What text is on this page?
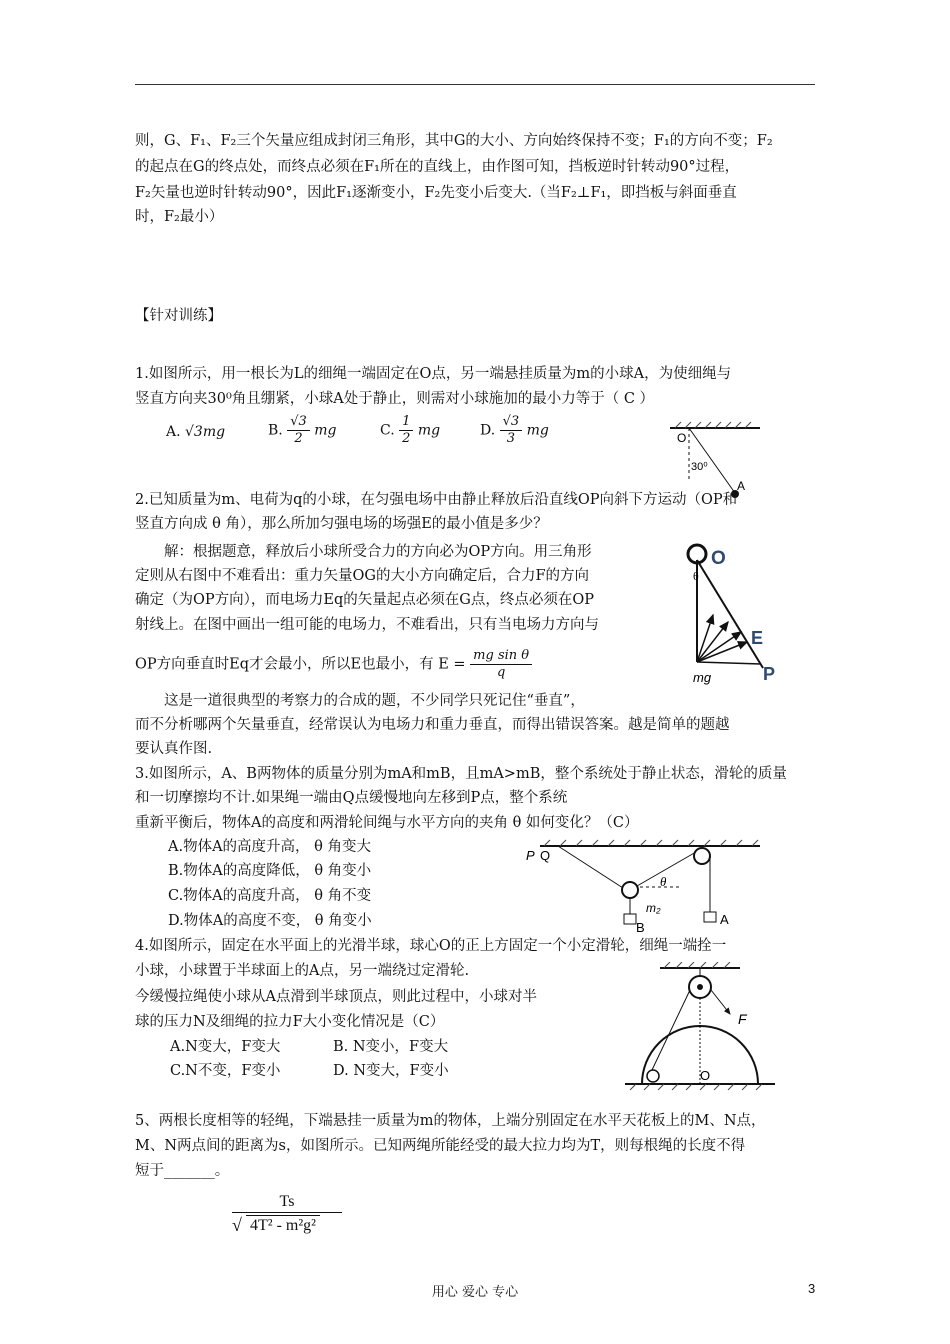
则，G、F₁、F₂三个矢量应组成封闭三角形，其中G的大小、方向始终保持不变；F₁的方向不变；F₂
的起点在G的终点处，而终点必须在F₁所在的直线上，由作图可知，挡板逆时针转动90°过程，
F₂矢量也逆时针转动90°，因此F₁逐渐变小，F₂先变小后变大.（当F₂⊥F₁，即挡板与斜面垂直
时，F₂最小）
【针对训练】
1.如图所示，用一根长为L的细绳一端固定在O点，另一端悬挂质量为m的小球A，为使细绳与
竖直方向夹30⁰角且绷紧，小球A处于静止，则需对小球施加的最小力等于（ C ）
A. √3mg	B. $\frac{√3}{2}$ mg	C. $\frac{1}{2}$ mg	D. $\frac{√3}{3}$ mg	O
30⁰
A
2.已知质量为m、电荷为q的小球，在匀强电场中由静止释放后沿直线OP向斜下方运动（OP和
竖直方向成 θ 角），那么所加匀强电场的场强E的最小值是多少？
解：根据题意，释放后小球所受合力的方向必为OP方向。用三角形
定则从右图中不难看出：重力矢量OG的大小方向确定后，合力F的方向
确定（为OP方向），而电场力Eq的矢量起点必须在G点，终点必须在OP
射线上。在图中画出一组可能的电场力，不难看出，只有当电场力方向与
OP方向垂直时Eq才会最小，所以E也最小，有 $E = \frac{\text{mg sin θ}}{q}$
这是一道很典型的考察力的合成的题，不少同学只死记住“垂直”，
而不分析哪两个矢量垂直，经常误认为电场力和重力垂直，而得出错误答案。越是简单的题越
要认真作图.
O
θ
E
P
mg
3.如图所示，A、B两物体的质量分别为mA和mB，且mA>mB，整个系统处于静止状态，滑轮的质量
和一切摩擦均不计.如果绳一端由Q点缓慢地向左移到P点，整个系统
重新平衡后，物体A的高度和两滑轮间绳与水平方向的夹角 θ 如何变化？（C）
A.物体A的高度升高， θ 角变大
B.物体A的高度降低， θ 角变小
C.物体A的高度升高， θ 角不变
D.物体A的高度不变， θ 角变小
P Q
θ
m₂
A
B
4.如图所示，固定在水平面上的光滑半球，球心O的正上方固定一个小定滑轮，细绳一端拴一
小球，小球置于半球面上的A点，另一端绕过定滑轮.
今缓慢拉绳使小球从A点滑到半球顶点，则此过程中，小球对半
球的压力N及细绳的拉力F大小变化情况是（C）
A.N变大，F变大	B. N变小，F变大
C.N不变，F变小	D. N变大，F变小
F
O
5、两根长度相等的轻绳，下端悬挂一质量为m的物体，上端分别固定在水平天花板上的M、N点，
M、N两点间的距离为s，如图所示。已知两绳所能经受的最大拉力均为T，则每根绳的长度不得
短于_______。
$\frac{Ts}{\text{√ 4T² - m²g²}}$
用心 爱心 专心	3
